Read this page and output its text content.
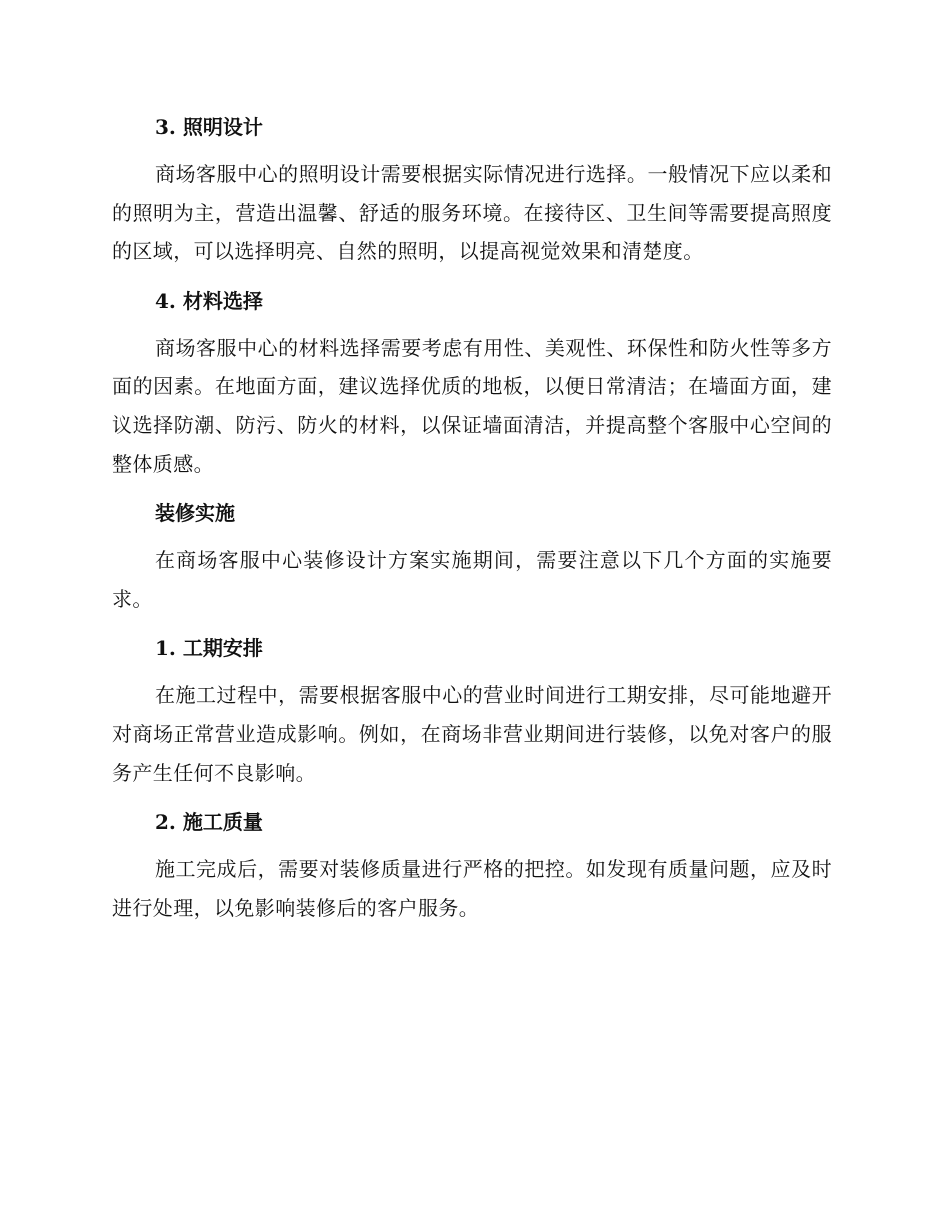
3. 照明设计

商场客服中心的照明设计需要根据实际情况进行选择。一般情况下应以柔和的照明为主，营造出温馨、舒适的服务环境。在接待区、卫生间等需要提高照度的区域，可以选择明亮、自然的照明，以提高视觉效果和清楚度。

4. 材料选择

商场客服中心的材料选择需要考虑有用性、美观性、环保性和防火性等多方面的因素。在地面方面，建议选择优质的地板，以便日常清洁；在墙面方面，建议选择防潮、防污、防火的材料，以保证墙面清洁，并提高整个客服中心空间的整体质感。

装修实施

在商场客服中心装修设计方案实施期间，需要注意以下几个方面的实施要求。

1. 工期安排

在施工过程中，需要根据客服中心的营业时间进行工期安排，尽可能地避开对商场正常营业造成影响。例如，在商场非营业期间进行装修，以免对客户的服务产生任何不良影响。

2. 施工质量

施工完成后，需要对装修质量进行严格的把控。如发现有质量问题，应及时进行处理，以免影响装修后的客户服务。
